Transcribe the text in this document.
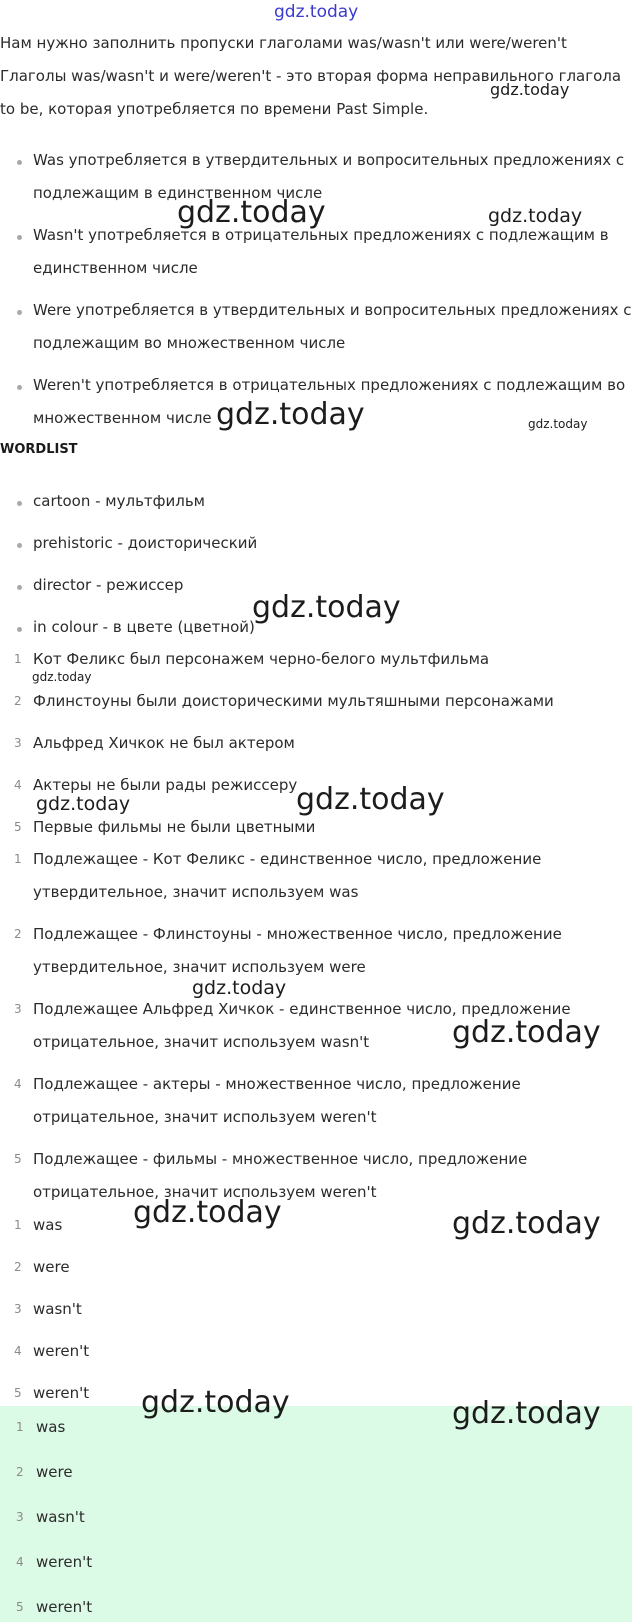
gdz.today
Нам нужно заполнить пропуски глаголами was/wasn't или were/weren't
Глаголы was/wasn't и were/weren't - это вторая форма неправильного глагола
to be, которая употребляется по времени Past Simple.
Was употребляется в утвердительных и вопросительных предложениях с
подлежащим в единственном числе
Wasn't употребляется в отрицательных предложениях с подлежащим в
единственном числе
Were употребляется в утвердительных и вопросительных предложениях с
подлежащим во множественном числе
Weren't употребляется в отрицательных предложениях с подлежащим во
множественном числе
WORDLIST
cartoon - мультфильм
prehistoric - доисторический
director - режиссер
in colour - в цвете (цветной)
1 Кот Феликс был персонажем черно-белого мультфильма
2 Флинстоуны были доисторическими мультяшными персонажами
3 Альфред Хичкок не был актером
4 Актеры не были рады режиссеру
5 Первые фильмы не были цветными
1 Подлежащее - Кот Феликс - единственное число, предложение
утвердительное, значит используем was
2 Подлежащее - Флинстоуны - множественное число, предложение
утвердительное, значит используем were
3 Подлежащее Альфред Хичкок - единственное число, предложение
отрицательное, значит используем wasn't
4 Подлежащее - актеры - множественное число, предложение
отрицательное, значит используем weren't
5 Подлежащее - фильмы - множественное число, предложение
отрицательное, значит используем weren't
1 was
2 were
3 wasn't
4 weren't
5 weren't
1 was
2 were
3 wasn't
4 weren't
5 weren't
gdz.today
gdz.today	gdz.today
gdz.today	gdz.today
gdz.today
gdz.today
gdz.today	gdz.today
gdz.today
gdz.today
gdz.today	gdz.today
gdz.today	gdz.today
